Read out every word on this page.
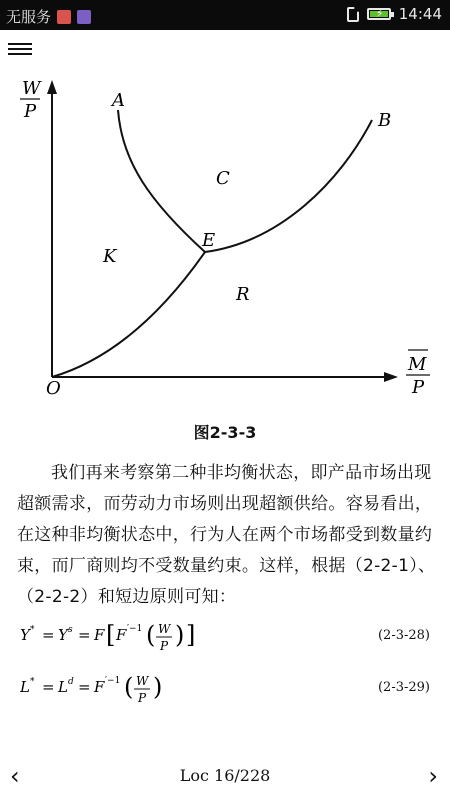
无服务	⚡ 14:44
W
P
M
P
O
A
B
E
C
K
R
图2-3-3
我们再来考察第二种非均衡状态，即产品市场出现超额需求，而劳动力市场则出现超额供给。容易看出，在这种非均衡状态中，行为人在两个市场都受到数量约束，而厂商则均不受数量约束。这样，根据（2-2-1）、（2-2-2）和短边原则可知：
Y * = Y s = F [ F ′−1 ( W
P ) ]	(2-3-28)
L * = L d = F ′−1 ( W
P )	(2-3-29)
‹	Loc 16/228	›
